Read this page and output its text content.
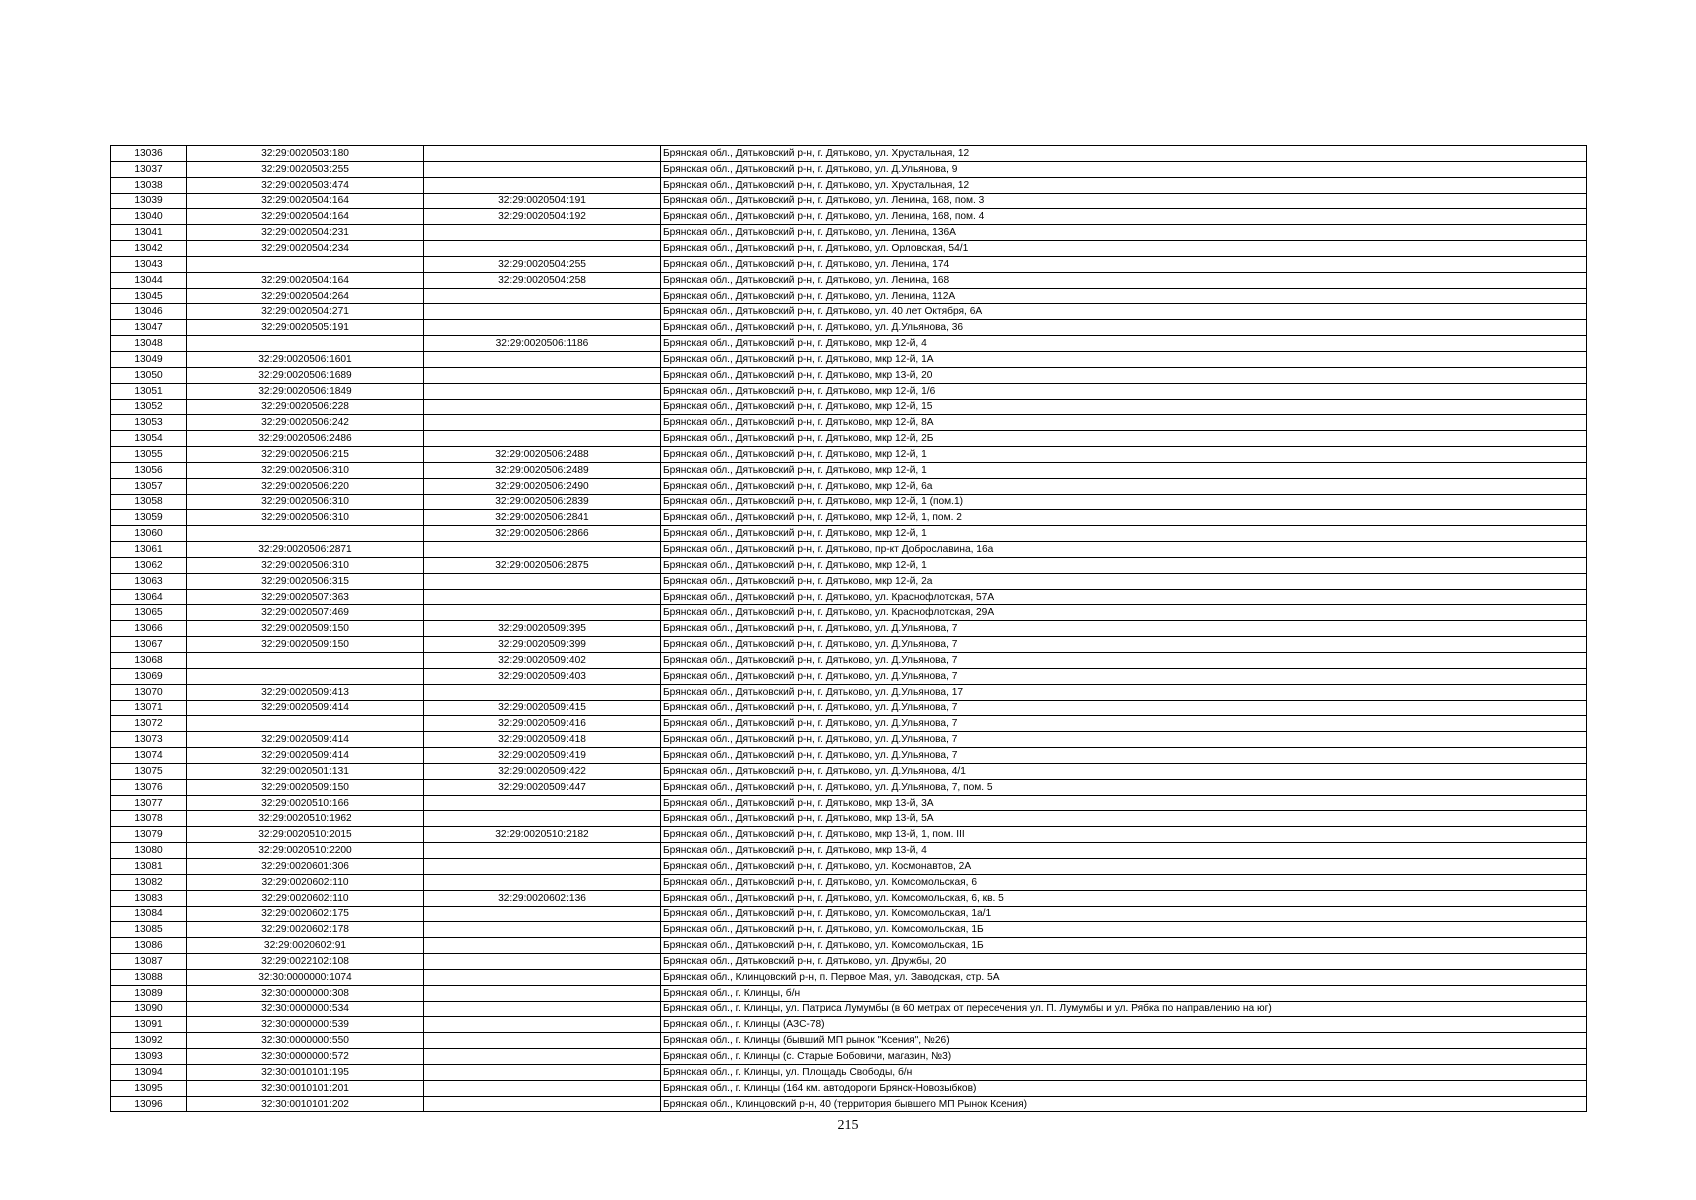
13036	32:29:0020503:180		Брянская обл., Дятьковский р-н, г. Дятьково, ул. Хрустальная, 12
13037	32:29:0020503:255		Брянская обл., Дятьковский р-н, г. Дятьково, ул. Д.Ульянова, 9
13038	32:29:0020503:474		Брянская обл., Дятьковский р-н, г. Дятьково, ул. Хрустальная, 12
13039	32:29:0020504:164	32:29:0020504:191	Брянская обл., Дятьковский р-н, г. Дятьково, ул. Ленина, 168, пом. 3
13040	32:29:0020504:164	32:29:0020504:192	Брянская обл., Дятьковский р-н, г. Дятьково, ул. Ленина, 168, пом. 4
13041	32:29:0020504:231		Брянская обл., Дятьковский р-н, г. Дятьково, ул. Ленина, 136А
13042	32:29:0020504:234		Брянская обл., Дятьковский р-н, г. Дятьково, ул. Орловская, 54/1
13043		32:29:0020504:255	Брянская обл., Дятьковский р-н, г. Дятьково, ул. Ленина, 174
13044	32:29:0020504:164	32:29:0020504:258	Брянская обл., Дятьковский р-н, г. Дятьково, ул. Ленина, 168
13045	32:29:0020504:264		Брянская обл., Дятьковский р-н, г. Дятьково, ул. Ленина, 112А
13046	32:29:0020504:271		Брянская обл., Дятьковский р-н, г. Дятьково, ул. 40 лет Октября, 6А
13047	32:29:0020505:191		Брянская обл., Дятьковский р-н, г. Дятьково, ул. Д.Ульянова, 36
13048		32:29:0020506:1186	Брянская обл., Дятьковский р-н, г. Дятьково, мкр 12-й, 4
13049	32:29:0020506:1601		Брянская обл., Дятьковский р-н, г. Дятьково, мкр 12-й, 1А
13050	32:29:0020506:1689		Брянская обл., Дятьковский р-н, г. Дятьково, мкр 13-й, 20
13051	32:29:0020506:1849		Брянская обл., Дятьковский р-н, г. Дятьково, мкр 12-й, 1/6
13052	32:29:0020506:228		Брянская обл., Дятьковский р-н, г. Дятьково, мкр 12-й, 15
13053	32:29:0020506:242		Брянская обл., Дятьковский р-н, г. Дятьково, мкр 12-й, 8А
13054	32:29:0020506:2486		Брянская обл., Дятьковский р-н, г. Дятьково, мкр 12-й, 2Б
13055	32:29:0020506:215	32:29:0020506:2488	Брянская обл., Дятьковский р-н, г. Дятьково, мкр 12-й, 1
13056	32:29:0020506:310	32:29:0020506:2489	Брянская обл., Дятьковский р-н, г. Дятьково, мкр 12-й, 1
13057	32:29:0020506:220	32:29:0020506:2490	Брянская обл., Дятьковский р-н, г. Дятьково, мкр 12-й, 6а
13058	32:29:0020506:310	32:29:0020506:2839	Брянская обл., Дятьковский р-н, г. Дятьково, мкр 12-й, 1 (пом.1)
13059	32:29:0020506:310	32:29:0020506:2841	Брянская обл., Дятьковский р-н, г. Дятьково, мкр 12-й, 1, пом. 2
13060		32:29:0020506:2866	Брянская обл., Дятьковский р-н, г. Дятьково, мкр 12-й, 1
13061	32:29:0020506:2871		Брянская обл., Дятьковский р-н, г. Дятьково, пр-кт Доброславина, 16а
13062	32:29:0020506:310	32:29:0020506:2875	Брянская обл., Дятьковский р-н, г. Дятьково, мкр 12-й, 1
13063	32:29:0020506:315		Брянская обл., Дятьковский р-н, г. Дятьково, мкр 12-й, 2а
13064	32:29:0020507:363		Брянская обл., Дятьковский р-н, г. Дятьково, ул. Краснофлотская, 57А
13065	32:29:0020507:469		Брянская обл., Дятьковский р-н, г. Дятьково, ул. Краснофлотская, 29А
13066	32:29:0020509:150	32:29:0020509:395	Брянская обл., Дятьковский р-н, г. Дятьково, ул. Д.Ульянова, 7
13067	32:29:0020509:150	32:29:0020509:399	Брянская обл., Дятьковский р-н, г. Дятьково, ул. Д.Ульянова, 7
13068		32:29:0020509:402	Брянская обл., Дятьковский р-н, г. Дятьково, ул. Д.Ульянова, 7
13069		32:29:0020509:403	Брянская обл., Дятьковский р-н, г. Дятьково, ул. Д.Ульянова, 7
13070	32:29:0020509:413		Брянская обл., Дятьковский р-н, г. Дятьково, ул. Д.Ульянова, 17
13071	32:29:0020509:414	32:29:0020509:415	Брянская обл., Дятьковский р-н, г. Дятьково, ул. Д.Ульянова, 7
13072		32:29:0020509:416	Брянская обл., Дятьковский р-н, г. Дятьково, ул. Д.Ульянова, 7
13073	32:29:0020509:414	32:29:0020509:418	Брянская обл., Дятьковский р-н, г. Дятьково, ул. Д.Ульянова, 7
13074	32:29:0020509:414	32:29:0020509:419	Брянская обл., Дятьковский р-н, г. Дятьково, ул. Д.Ульянова, 7
13075	32:29:0020501:131	32:29:0020509:422	Брянская обл., Дятьковский р-н, г. Дятьково, ул. Д.Ульянова, 4/1
13076	32:29:0020509:150	32:29:0020509:447	Брянская обл., Дятьковский р-н, г. Дятьково, ул. Д.Ульянова, 7, пом. 5
13077	32:29:0020510:166		Брянская обл., Дятьковский р-н, г. Дятьково, мкр 13-й, 3А
13078	32:29:0020510:1962		Брянская обл., Дятьковский р-н, г. Дятьково, мкр 13-й, 5А
13079	32:29:0020510:2015	32:29:0020510:2182	Брянская обл., Дятьковский р-н, г. Дятьково, мкр 13-й, 1, пом. III
13080	32:29:0020510:2200		Брянская обл., Дятьковский р-н, г. Дятьково, мкр 13-й, 4
13081	32:29:0020601:306		Брянская обл., Дятьковский р-н, г. Дятьково, ул. Космонавтов, 2А
13082	32:29:0020602:110		Брянская обл., Дятьковский р-н, г. Дятьково, ул. Комсомольская, 6
13083	32:29:0020602:110	32:29:0020602:136	Брянская обл., Дятьковский р-н, г. Дятьково, ул. Комсомольская, 6, кв. 5
13084	32:29:0020602:175		Брянская обл., Дятьковский р-н, г. Дятьково, ул. Комсомольская, 1а/1
13085	32:29:0020602:178		Брянская обл., Дятьковский р-н, г. Дятьково, ул. Комсомольская, 1Б
13086	32:29:0020602:91		Брянская обл., Дятьковский р-н, г. Дятьково, ул. Комсомольская, 1Б
13087	32:29:0022102:108		Брянская обл., Дятьковский р-н, г. Дятьково, ул. Дружбы, 20
13088	32:30:0000000:1074		Брянская обл., Клинцовский р-н, п. Первое Мая, ул. Заводская, стр. 5А
13089	32:30:0000000:308		Брянская обл., г. Клинцы, б/н
13090	32:30:0000000:534		Брянская обл., г. Клинцы, ул. Патриса Лумумбы (в 60 метрах от пересечения ул. П. Лумумбы и ул. Рябка по направлению на юг)
13091	32:30:0000000:539		Брянская обл., г. Клинцы (АЗС-78)
13092	32:30:0000000:550		Брянская обл., г. Клинцы (бывший МП рынок "Ксения", №26)
13093	32:30:0000000:572		Брянская обл., г. Клинцы (с. Старые Бобовичи, магазин, №3)
13094	32:30:0010101:195		Брянская обл., г. Клинцы, ул. Площадь Свободы, б/н
13095	32:30:0010101:201		Брянская обл., г. Клинцы (164 км. автодороги Брянск-Новозыбков)
13096	32:30:0010101:202		Брянская обл., Клинцовский р-н, 40 (территория бывшего МП Рынок Ксения)
215
